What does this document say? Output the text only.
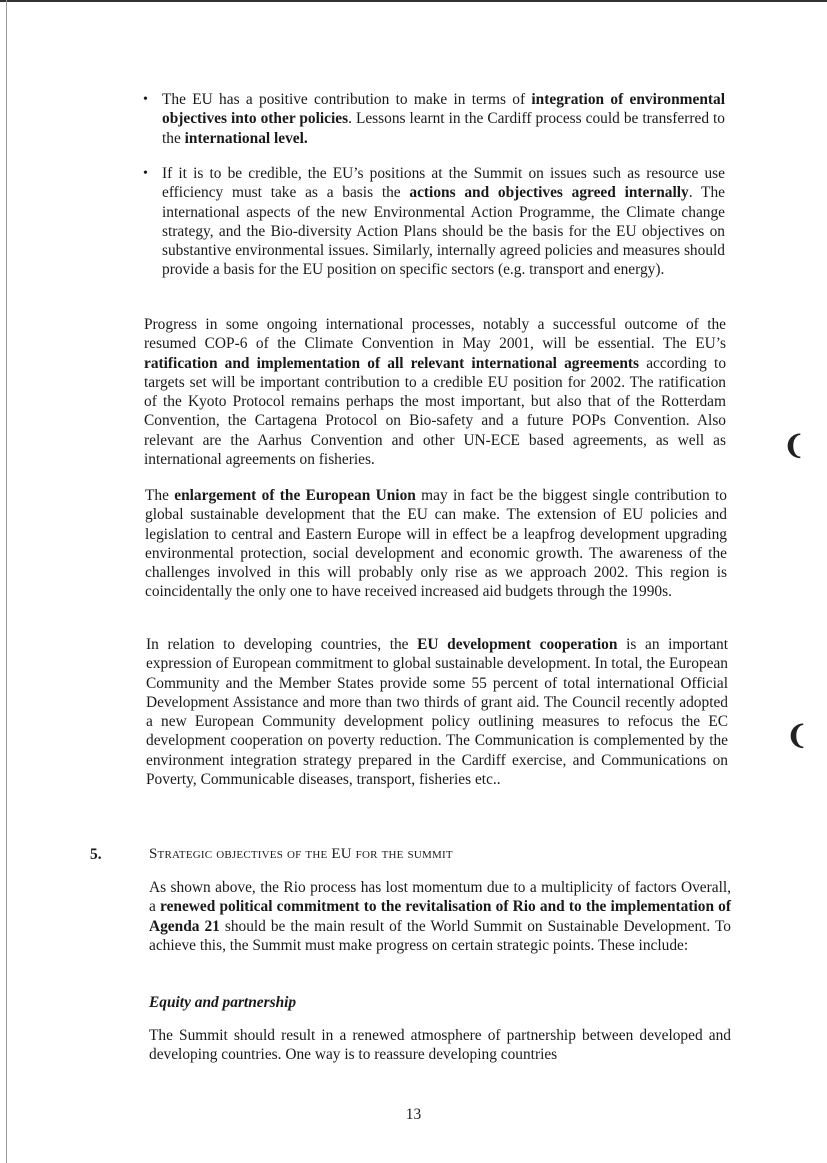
• The EU has a positive contribution to make in terms of integration of environmental objectives into other policies. Lessons learnt in the Cardiff process could be transferred to the international level.
• If it is to be credible, the EU’s positions at the Summit on issues such as resource use efficiency must take as a basis the actions and objectives agreed internally. The international aspects of the new Environmental Action Programme, the Climate change strategy, and the Bio-diversity Action Plans should be the basis for the EU objectives on substantive environmental issues. Similarly, internally agreed policies and measures should provide a basis for the EU position on specific sectors (e.g. transport and energy).
Progress in some ongoing international processes, notably a successful outcome of the resumed COP-6 of the Climate Convention in May 2001, will be essential. The EU’s ratification and implementation of all relevant international agreements according to targets set will be important contribution to a credible EU position for 2002. The ratification of the Kyoto Protocol remains perhaps the most important, but also that of the Rotterdam Convention, the Cartagena Protocol on Bio-safety and a future POPs Convention. Also relevant are the Aarhus Convention and other UN-ECE based agreements, as well as international agreements on fisheries.
The enlargement of the European Union may in fact be the biggest single contribution to global sustainable development that the EU can make. The extension of EU policies and legislation to central and Eastern Europe will in effect be a leapfrog development upgrading environmental protection, social development and economic growth. The awareness of the challenges involved in this will probably only rise as we approach 2002. This region is coincidentally the only one to have received increased aid budgets through the 1990s.
In relation to developing countries, the EU development cooperation is an important expression of European commitment to global sustainable development. In total, the European Community and the Member States provide some 55 percent of total international Official Development Assistance and more than two thirds of grant aid. The Council recently adopted a new European Community development policy outlining measures to refocus the EC development cooperation on poverty reduction. The Communication is complemented by the environment integration strategy prepared in the Cardiff exercise, and Communications on Poverty, Communicable diseases, transport, fisheries etc..
5.	Strategic objectives of the EU for the summit
As shown above, the Rio process has lost momentum due to a multiplicity of factors Overall, a renewed political commitment to the revitalisation of Rio and to the implementation of Agenda 21 should be the main result of the World Summit on Sustainable Development. To achieve this, the Summit must make progress on certain strategic points. These include:
Equity and partnership
The Summit should result in a renewed atmosphere of partnership between developed and developing countries. One way is to reassure developing countries
13
❨
❨
